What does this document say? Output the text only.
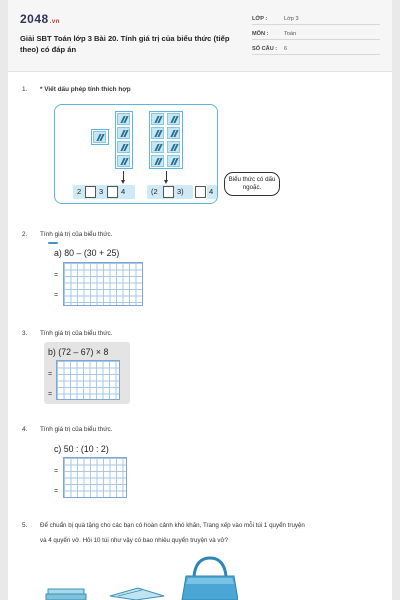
2048.vn
Giải SBT Toán lớp 3 Bài 20. Tính giá trị của biểu thức (tiếp theo) có đáp án
LỚP :	Lớp 3
MÔN :	Toán
SỐ CÂU : 6
1. * Viết dấu phép tính thích hợp
2 3 4	(2	3)	4
Biểu thức có dấu ngoặc.
2. Tính giá trị của biểu thức.
a) 80 – (30 + 25)
=
=
3. Tính giá trị của biểu thức.
b) (72 – 67) × 8
=
=
4. Tính giá trị của biểu thức.
c) 50 : (10 : 2)
=
=
5. Để chuẩn bị quà tặng cho các bạn có hoàn cảnh khó khăn, Trang xếp vào mỗi túi 1 quyển truyện
và 4 quyển vở. Hỏi 10 túi như vậy có bao nhiêu quyển truyện và vở?
